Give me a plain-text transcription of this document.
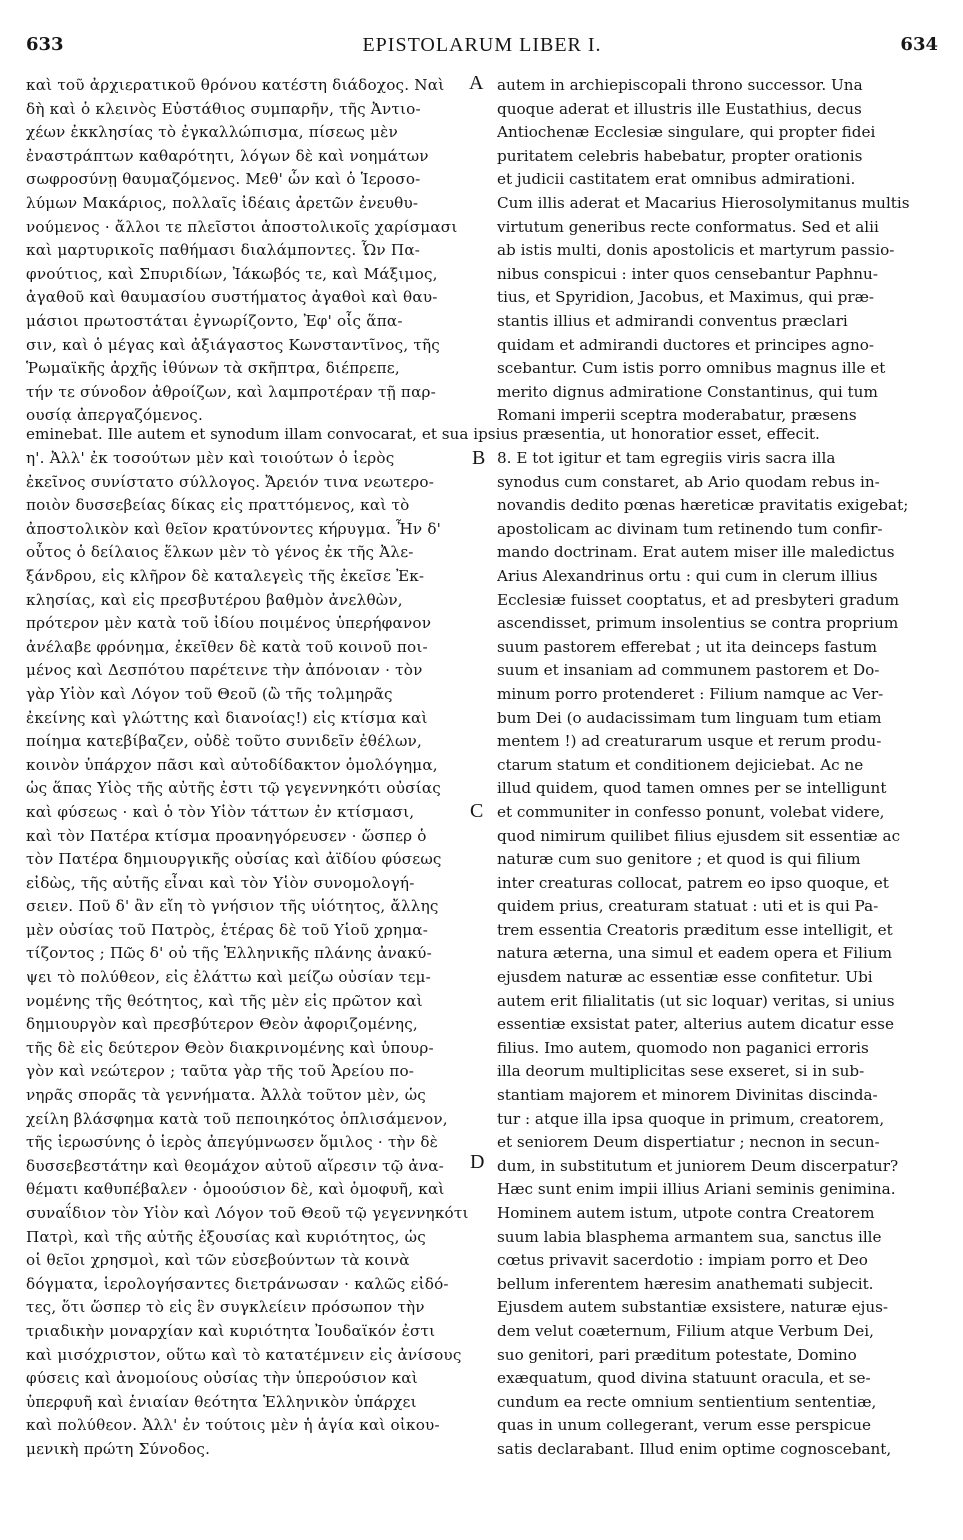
633	EPISTOLARUM LIBER I.	634
καὶ τοῦ ἀρχιερατικοῦ θρόνου κατέστη διάδοχος. Ναὶ
δὴ καὶ ὁ κλεινὸς Εὐστάθιος συμπαρῆν, τῆς Ἀντιο-
χέων ἐκκλησίας τὸ ἐγκαλλώπισμα, πίσεως μὲν
ἐναστράπτων καθαρότητι, λόγων δὲ καὶ νοημάτων
σωφροσύνῃ θαυμαζόμενος. Μεθ' ὧν καὶ ὁ Ἱεροσο-
λύμων Μακάριος, πολλαῖς ἰδέαις ἀρετῶν ἐνευθυ-
νούμενος · ἄλλοι τε πλεῖστοι ἀποστολικοῖς χαρίσμασι
καὶ μαρτυρικοῖς παθήμασι διαλάμποντες. Ὧν Πα-
φνούτιος, καὶ Σπυριδίων, Ἰάκωβός τε, καὶ Μάξιμος,
ἀγαθοῦ καὶ θαυμασίου συστήματος ἀγαθοὶ καὶ θαυ-
μάσιοι πρωτοστάται ἐγνωρίζοντο, Ἐφ' οἷς ἅπα-
σιν, καὶ ὁ μέγας καὶ ἀξιάγαστος Κωνσταντῖνος, τῆς
Ῥωμαϊκῆς ἀρχῆς ἰθύνων τὰ σκῆπτρα, διέπρεπε,
τήν τε σύνοδον ἀθροίζων, καὶ λαμπροτέραν τῇ παρ-
ουσίᾳ ἀπεργαζόμενος.
autem in archiepiscopali throno successor. Una
quoque aderat et illustris ille Eustathius, decus
Antiochenæ Ecclesiæ singulare, qui propter fidei
puritatem celebris habebatur, propter orationis
et judicii castitatem erat omnibus admirationi.
Cum illis aderat et Macarius Hierosolymitanus multis
virtutum generibus recte conformatus. Sed et alii
ab istis multi, donis apostolicis et martyrum passio-
nibus conspicui : inter quos censebantur Paphnu-
tius, et Spyridion, Jacobus, et Maximus, qui præ-
stantis illius et admirandi conventus præclari
quidam et admirandi ductores et principes agno-
scebantur. Cum istis porro omnibus magnus ille et
merito dignus admiratione Constantinus, qui tum
Romani imperii sceptra moderabatur, præsens
eminebat. Ille autem et synodum illam convocarat, et sua ipsius præsentia, ut honoratior esset, effecit.
η'. Ἀλλ' ἐκ τοσούτων μὲν καὶ τοιούτων ὁ ἱερὸς
ἐκεῖνος συνίστατο σύλλογος. Ἄρειόν τινα νεωτερο-
ποιὸν δυσσεβείας δίκας εἰς πραττόμενος, καὶ τὸ
ἀποστολικὸν καὶ θεῖον κρατύνοντες κήρυγμα. Ἦν δ'
οὗτος ὁ δείλαιος ἕλκων μὲν τὸ γένος ἐκ τῆς Ἀλε-
ξάνδρου, εἰς κλῆρον δὲ καταλεγεὶς τῆς ἐκεῖσε Ἐκ-
κλησίας, καὶ εἰς πρεσβυτέρου βαθμὸν ἀνελθὼν,
πρότερον μὲν κατὰ τοῦ ἰδίου ποιμένος ὑπερήφανον
ἀνέλαβε φρόνημα, ἐκεῖθεν δὲ κατὰ τοῦ κοινοῦ ποι-
μένος καὶ Δεσπότου παρέτεινε τὴν ἀπόνοιαν · τὸν
γὰρ Υἱὸν καὶ Λόγον τοῦ Θεοῦ (ὢ τῆς τολμηρᾶς
ἐκείνης καὶ γλώττης καὶ διανοίας!) εἰς κτίσμα καὶ
ποίημα κατεβίβαζεν, οὐδὲ τοῦτο συνιδεῖν ἐθέλων,
κοινὸν ὑπάρχον πᾶσι καὶ αὐτοδίδακτον ὁμολόγημα,
ὡς ἅπας Υἱὸς τῆς αὐτῆς ἐστι τῷ γεγεννηκότι οὐσίας
καὶ φύσεως · καὶ ὁ τὸν Υἱὸν τάττων ἐν κτίσμασι,
καὶ τὸν Πατέρα κτίσμα προανηγόρευσεν · ὥσπερ ὁ
τὸν Πατέρα δημιουργικῆς οὐσίας καὶ ἀϊδίου φύσεως
εἰδὼς, τῆς αὐτῆς εἶναι καὶ τὸν Υἱὸν συνομολογή-
σειεν. Ποῦ δ' ἂν εἴη τὸ γνήσιον τῆς υἱότητος, ἄλλης
μὲν οὐσίας τοῦ Πατρὸς, ἑτέρας δὲ τοῦ Υἱοῦ χρημα-
τίζοντος ; Πῶς δ' οὐ τῆς Ἑλληνικῆς πλάνης ἀνακύ-
ψει τὸ πολύθεον, εἰς ἐλάττω καὶ μείζω οὐσίαν τεμ-
νομένης τῆς θεότητος, καὶ τῆς μὲν εἰς πρῶτον καὶ
δημιουργὸν καὶ πρεσβύτερον Θεὸν ἀφοριζομένης,
τῆς δὲ εἰς δεύτερον Θεὸν διακρινομένης καὶ ὑπουρ-
γὸν καὶ νεώτερον ; ταῦτα γὰρ τῆς τοῦ Ἀρείου πο-
νηρᾶς σπορᾶς τὰ γεννήματα. Ἀλλὰ τοῦτον μὲν, ὡς
χείλη βλάσφημα κατὰ τοῦ πεποιηκότος ὁπλισάμενον,
τῆς ἱερωσύνης ὁ ἱερὸς ἀπεγύμνωσεν ὅμιλος · τὴν δὲ
δυσσεβεστάτην καὶ θεομάχον αὐτοῦ αἵρεσιν τῷ ἀνα-
θέματι καθυπέβαλεν · ὁμοούσιον δὲ, καὶ ὁμοφυῆ, καὶ
συναΐδιον τὸν Υἱὸν καὶ Λόγον τοῦ Θεοῦ τῷ γεγεννηκότι
Πατρὶ, καὶ τῆς αὐτῆς ἐξουσίας καὶ κυριότητος, ὡς
οἱ θεῖοι χρησμοὶ, καὶ τῶν εὐσεβούντων τὰ κοινὰ
δόγματα, ἱερολογήσαντες διετράνωσαν · καλῶς εἰδό-
τες, ὅτι ὥσπερ τὸ εἰς ἓν συγκλείειν πρόσωπον τὴν
τριαδικὴν μοναρχίαν καὶ κυριότητα Ἰουδαϊκόν ἐστι
καὶ μισόχριστον, οὕτω καὶ τὸ κατατέμνειν εἰς ἀνίσους
φύσεις καὶ ἀνομοίους οὐσίας τὴν ὑπερούσιον καὶ
ὑπερφυῆ καὶ ἑνιαίαν θεότητα Ἑλληνικὸν ὑπάρχει
καὶ πολύθεον. Ἀλλ' ἐν τούτοις μὲν ἡ ἁγία καὶ οἰκου-
μενικὴ πρώτη Σύνοδος.
8. E tot igitur et tam egregiis viris sacra illa
synodus cum constaret, ab Ario quodam rebus in-
novandis dedito pœnas hæreticæ pravitatis exigebat;
apostolicam ac divinam tum retinendo tum confir-
mando doctrinam. Erat autem miser ille maledictus
Arius Alexandrinus ortu : qui cum in clerum illius
Ecclesiæ fuisset cooptatus, et ad presbyteri gradum
ascendisset, primum insolentius se contra proprium
suum pastorem efferebat ; ut ita deinceps fastum
suum et insaniam ad communem pastorem et Do-
minum porro protenderet : Filium namque ac Ver-
bum Dei (o audacissimam tum linguam tum etiam
mentem !) ad creaturarum usque et rerum produ-
ctarum statum et conditionem dejiciebat. Ac ne
illud quidem, quod tamen omnes per se intelligunt
et communiter in confesso ponunt, volebat videre,
quod nimirum quilibet filius ejusdem sit essentiæ ac
naturæ cum suo genitore ; et quod is qui filium
inter creaturas collocat, patrem eo ipso quoque, et
quidem prius, creaturam statuat : uti et is qui Pa-
trem essentia Creatoris præditum esse intelligit, et
natura æterna, una simul et eadem opera et Filium
ejusdem naturæ ac essentiæ esse confitetur. Ubi
autem erit filialitatis (ut sic loquar) veritas, si unius
essentiæ exsistat pater, alterius autem dicatur esse
filius. Imo autem, quomodo non paganici erroris
illa deorum multiplicitas sese exseret, si in sub-
stantiam majorem et minorem Divinitas discinda-
tur : atque illa ipsa quoque in primum, creatorem,
et seniorem Deum dispertiatur ; necnon in secun-
dum, in substitutum et juniorem Deum discerpatur?
Hæc sunt enim impii illius Ariani seminis genimina.
Hominem autem istum, utpote contra Creatorem
suum labia blasphema armantem sua, sanctus ille
cœtus privavit sacerdotio : impiam porro et Deo
bellum inferentem hæresim anathemati subjecit.
Ejusdem autem substantiæ exsistere, naturæ ejus-
dem velut coæternum, Filium atque Verbum Dei,
suo genitori, pari præditum potestate, Domino
exæquatum, quod divina statuunt oracula, et se-
cundum ea recte omnium sentientium sententiæ,
quas in unum collegerant, verum esse perspicue
satis declarabant. Illud enim optime cognoscebant,
A
B
C
D
